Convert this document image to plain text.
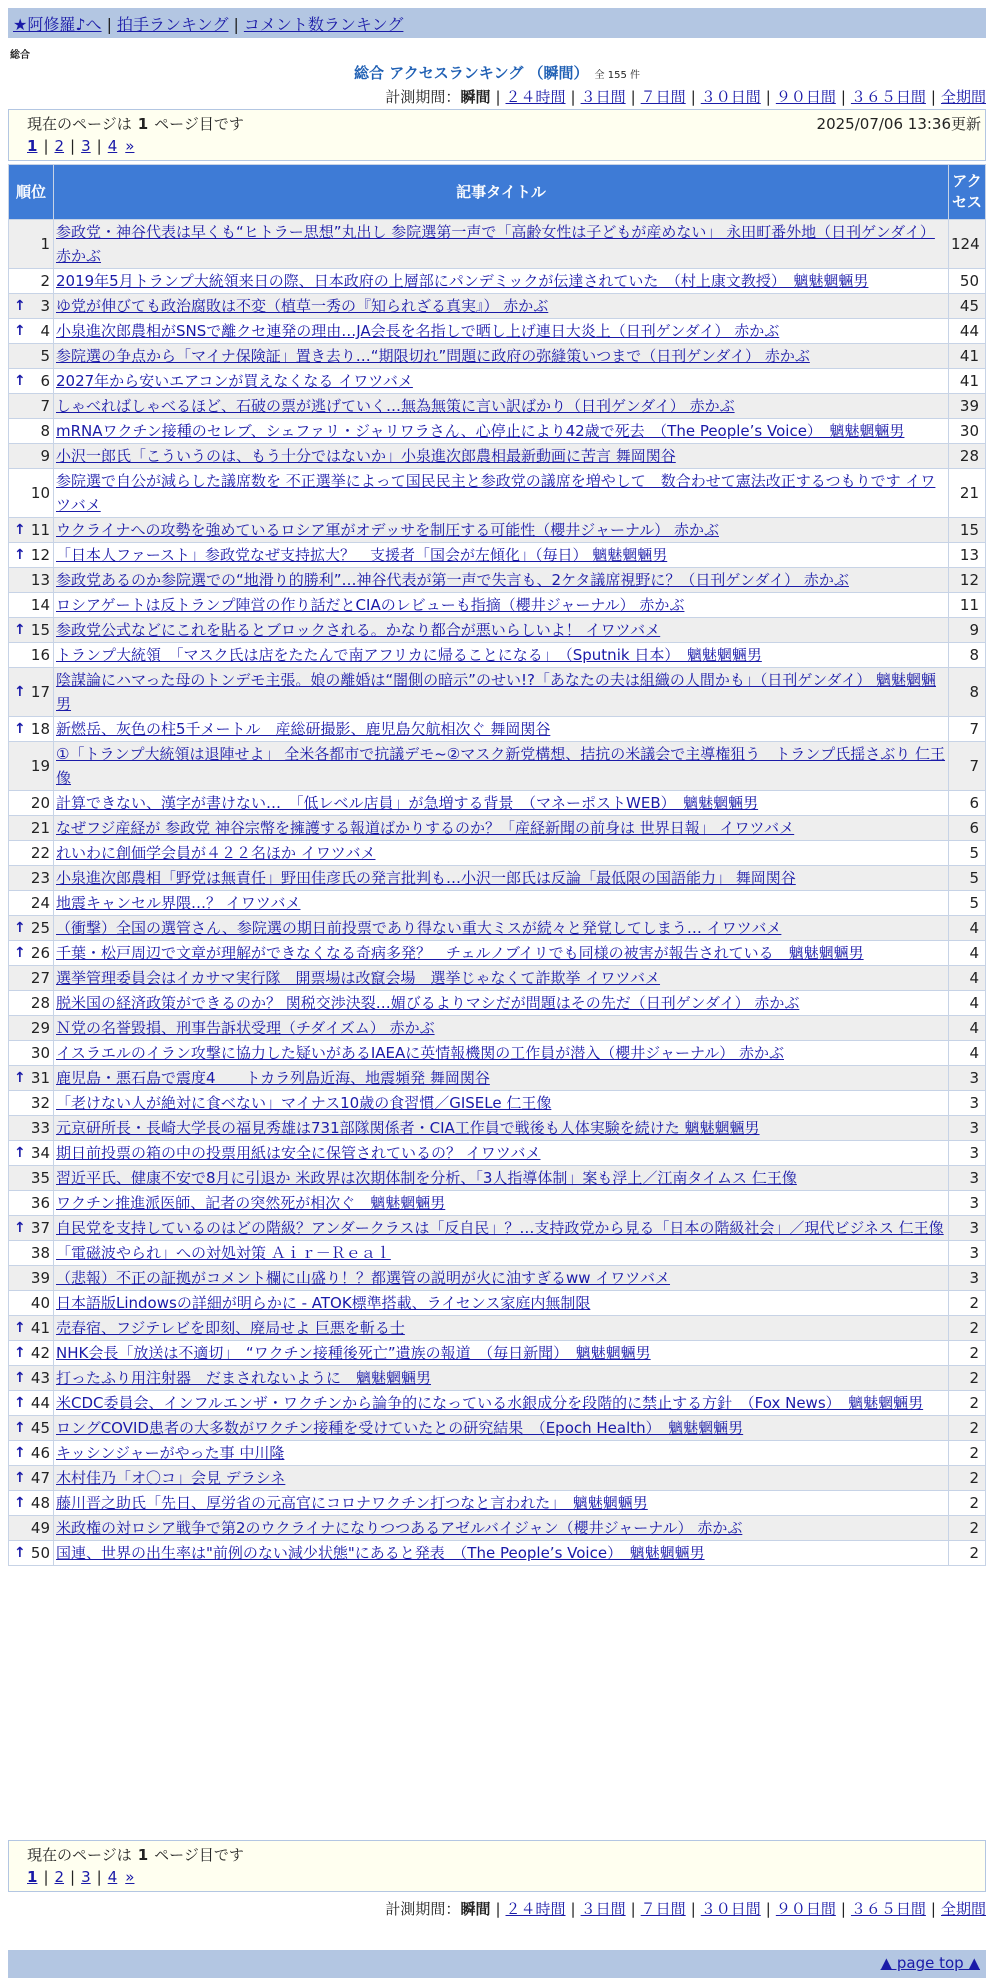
★阿修羅♪へ | 拍手ランキング | コメント数ランキング
総合
総合 アクセスランキング （瞬間） 全 155 件
計測期間：瞬間 | ２４時間 | ３日間 | ７日間 | ３０日間 | ９０日間 | ３６５日間 | 全期間
現在のページは 1 ページ目です	2025/07/06 13:36更新
1 | 2 | 3 | 4 »
順位	記事タイトル	アクセス
1	参政党・神谷代表は早くも“ヒトラー思想”丸出し 参院選第一声で「高齢女性は子どもが産めない」 永田町番外地（日刊ゲンダイ） 赤かぶ	124
2	2019年5月トランプ大統領来日の際、日本政府の上層部にパンデミックが伝達されていた　（村上康文教授）　魑魅魍魎男	50

↑ 3	ゆ党が伸びても政治腐敗は不変（植草一秀の『知られざる真実』） 赤かぶ	45

↑ 4	小泉進次郎農相がSNSで離クセ連発の理由…JA会長を名指しで晒し上げ連日大炎上（日刊ゲンダイ） 赤かぶ	44
5	参院選の争点から「マイナ保険証」置き去り…“期限切れ”問題に政府の弥縫策いつまで（日刊ゲンダイ） 赤かぶ	41

↑ 6	2027年から安いエアコンが買えなくなる イワツバメ	41
7	しゃべればしゃべるほど、石破の票が逃げていく…無為無策に言い訳ばかり（日刊ゲンダイ） 赤かぶ	39
8	mRNAワクチン接種のセレブ、シェファリ・ジャリワラさん、心停止により42歳で死去　（The People’s Voice）　魑魅魍魎男	30
9	小沢一郎氏「こういうのは、もう十分ではないか」小泉進次郎農相最新動画に苦言 舞岡関谷	28
10	参院選で自公が減らした議席数を 不正選挙によって国民民主と参政党の議席を増やして　数合わせて憲法改正するつもりです イワツバメ	21

↑ 11	ウクライナへの攻勢を強めているロシア軍がオデッサを制圧する可能性（櫻井ジャーナル） 赤かぶ	15

↑ 12	「日本人ファースト」参政党なぜ支持拡大？　支援者「国会が左傾化」（毎日） 魑魅魍魎男	13
13	参政党あるのか参院選での“地滑り的勝利”…神谷代表が第一声で失言も、2ケタ議席視野に？（日刊ゲンダイ） 赤かぶ	12
14	ロシアゲートは反トランプ陣営の作り話だとCIAのレビューも指摘（櫻井ジャーナル） 赤かぶ	11

↑ 15	参政党公式などにこれを貼るとブロックされる。かなり都合が悪いらしいよ！ イワツバメ	9
16	トランプ大統領　「マスク氏は店をたたんで南アフリカに帰ることになる」　（Sputnik 日本）　魑魅魍魎男	8

↑ 17	陰謀論にハマった母のトンデモ主張。娘の離婚は“闇側の暗示”のせい!?「あなたの夫は組織の人間かも」（日刊ゲンダイ） 魑魅魍魎男	8

↑ 18	新燃岳、灰色の柱5千メートル　産総研撮影、鹿児島欠航相次ぐ 舞岡関谷	7
19	①「トランプ大統領は退陣せよ」 全米各都市で抗議デモ~②マスク新党構想、拮抗の米議会で主導権狙う　トランプ氏揺さぶり 仁王像	7
20	計算できない、漢字が書けない…　「低レベル店員」が急増する背景　（マネーポストWEB）　魑魅魍魎男	6
21	なぜフジ産経が 参政党 神谷宗幣を擁護する報道ばかりするのか？「産経新聞の前身は 世界日報」 イワツバメ	6
22	れいわに創価学会員が４２２名ほか イワツバメ	5
23	小泉進次郎農相「野党は無責任」野田佳彦氏の発言批判も…小沢一郎氏は反論「最低限の国語能力」 舞岡関谷	5
24	地震キャンセル界隈…？ イワツバメ	5

↑ 25	（衝撃）全国の選管さん、参院選の期日前投票であり得ない重大ミスが続々と発覚してしまう… イワツバメ	4

↑ 26	千葉・松戸周辺で文章が理解ができなくなる奇病多発？　チェルノブイリでも同様の被害が報告されている　魑魅魍魎男	4
27	選挙管理委員会はイカサマ実行隊　開票場は改竄会場　選挙じゃなくて詐欺挙 イワツバメ	4
28	脱米国の経済政策ができるのか？ 関税交渉決裂…媚びるよりマシだが問題はその先だ（日刊ゲンダイ） 赤かぶ	4
29	Ｎ党の名誉毀損、刑事告訴状受理（チダイズム） 赤かぶ	4
30	イスラエルのイラン攻撃に協力した疑いがあるIAEAに英情報機関の工作員が潜入（櫻井ジャーナル） 赤かぶ	4

↑ 31	鹿児島・悪石島で震度4　　トカラ列島近海、地震頻発 舞岡関谷	3
32	「老けない人が絶対に食べない」マイナス10歳の食習慣／GISELe 仁王像	3
33	元京研所長・長崎大学長の福見秀雄は731部隊関係者・CIA工作員で戦後も人体実験を続けた 魑魅魍魎男	3

↑ 34	期日前投票の箱の中の投票用紙は安全に保管されているの？ イワツバメ	3
35	習近平氏、健康不安で8月に引退か 米政界は次期体制を分析、「3人指導体制」案も浮上／江南タイムス 仁王像	3
36	ワクチン推進派医師、記者の突然死が相次ぐ　魑魅魍魎男	3

↑ 37	自民党を支持しているのはどの階級？アンダークラスは「反自民」？…支持政党から見る「日本の階級社会」／現代ビジネス 仁王像	3
38	「電磁波やられ」への対処対策 Ａｉｒ－Ｒｅａｌ	3
39	（悲報）不正の証拠がコメント欄に山盛り！？都選管の説明が火に油すぎるww イワツバメ	3
40	日本語版Lindowsの詳細が明らかに - ATOK標準搭載、ライセンス家庭内無制限	2

↑ 41	売春宿、フジテレビを即刻、廃局せよ 巨悪を斬る士	2

↑ 42	NHK会長「放送は不適切」　“ワクチン接種後死亡”遺族の報道　（毎日新聞）　魑魅魍魎男	2

↑ 43	打ったふり用注射器　だまされないように　魑魅魍魎男	2

↑ 44	米CDC委員会、インフルエンザ・ワクチンから論争的になっている水銀成分を段階的に禁止する方針　（Fox News）　魑魅魍魎男	2

↑ 45	ロングCOVID患者の大多数がワクチン接種を受けていたとの研究結果　（Epoch Health）　魑魅魍魎男	2

↑ 46	キッシンジャーがやった事 中川隆	2

↑ 47	木村佳乃「オ〇コ」会見 デラシネ	2

↑ 48	藤川晋之助氏「先日、厚労省の元高官にコロナワクチン打つなと言われた」　魑魅魍魎男	2
49	米政権の対ロシア戦争で第2のウクライナになりつつあるアゼルバイジャン（櫻井ジャーナル） 赤かぶ	2

↑ 50	国連、世界の出生率は"前例のない減少状態"にあると発表　（The People’s Voice）　魑魅魍魎男	2
現在のページは 1 ページ目です
1 | 2 | 3 | 4 »
計測期間：瞬間 | ２４時間 | ３日間 | ７日間 | ３０日間 | ９０日間 | ３６５日間 | 全期間
▲ page top ▲
